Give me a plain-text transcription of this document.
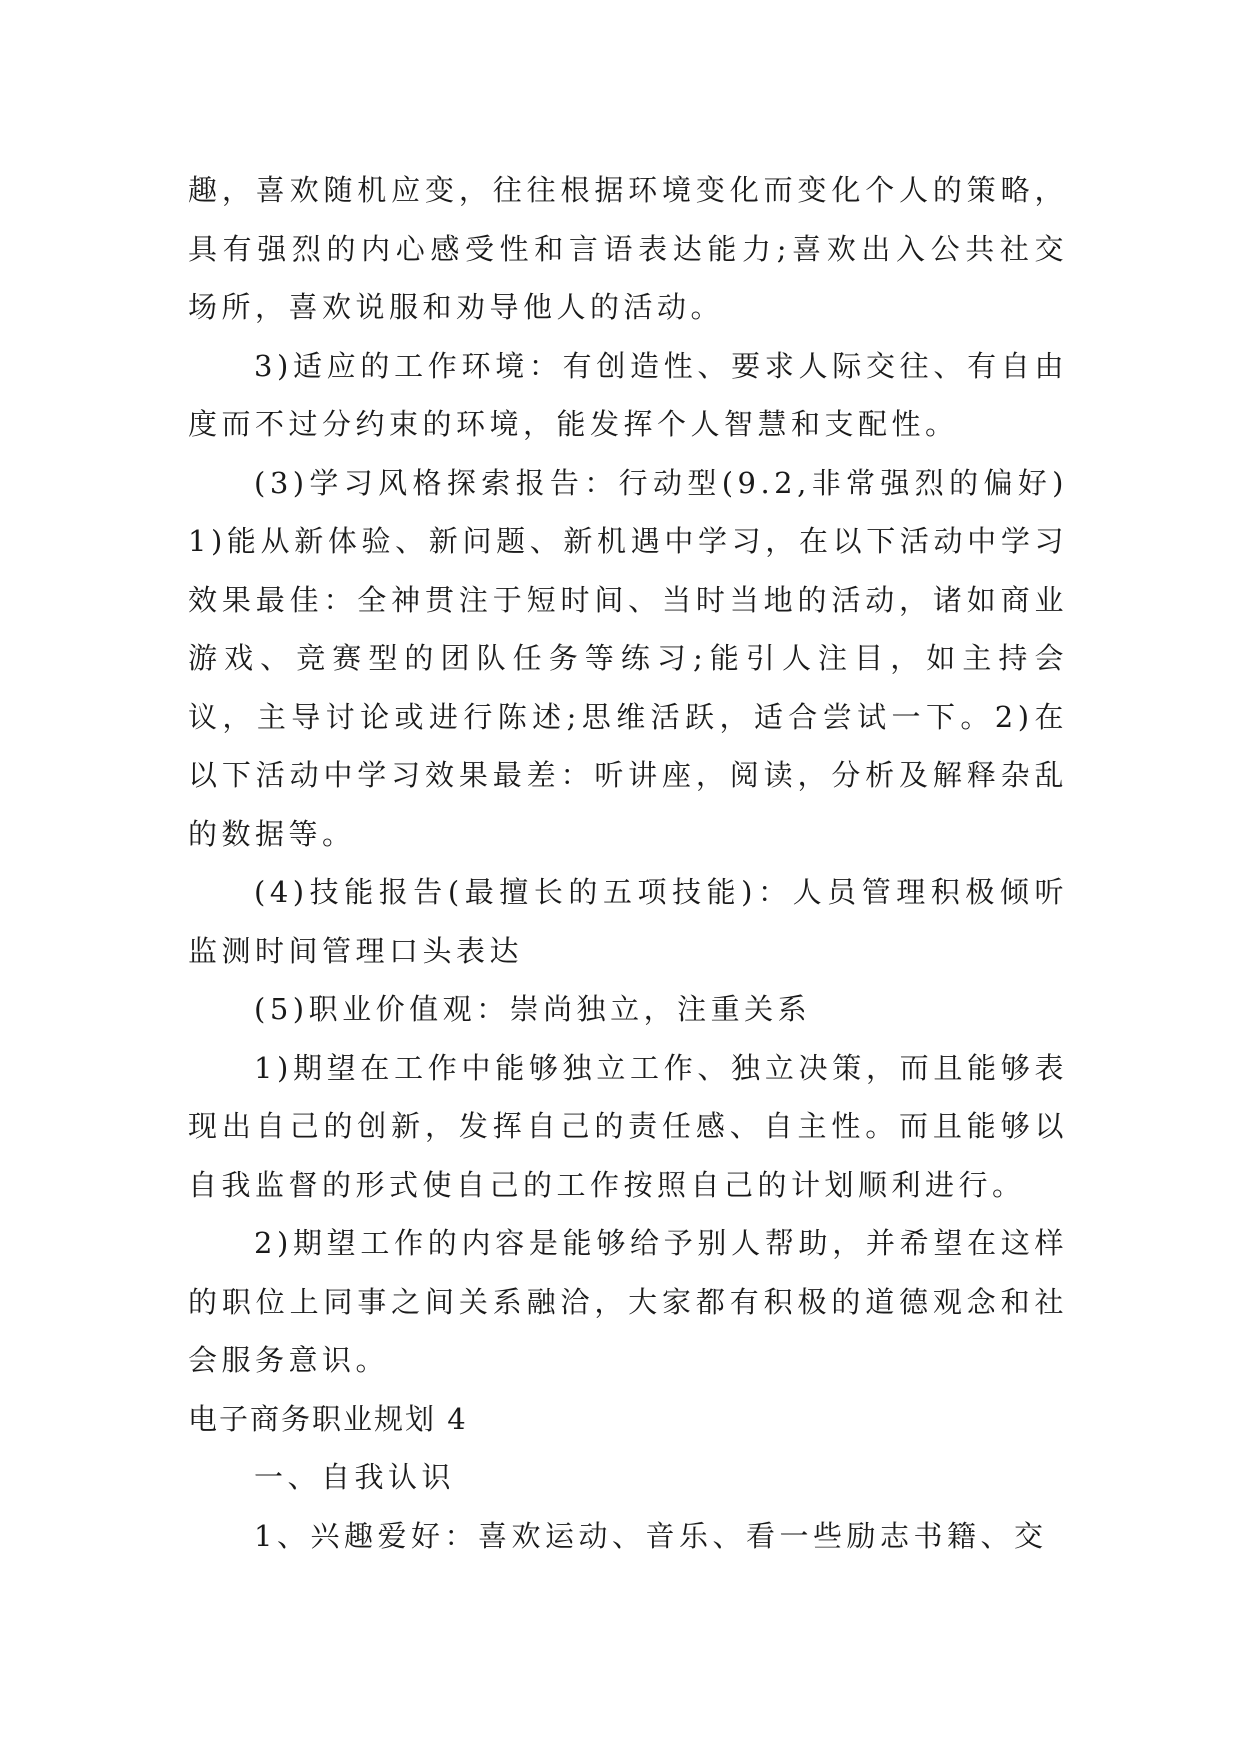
趣，喜欢随机应变，往往根据环境变化而变化个人的策略，具有强烈的内心感受性和言语表达能力;喜欢出入公共社交场所，喜欢说服和劝导他人的活动。

3)适应的工作环境：有创造性、要求人际交往、有自由度而不过分约束的环境，能发挥个人智慧和支配性。

(3)学习风格探索报告：行动型(9.2,非常强烈的偏好) 1)能从新体验、新问题、新机遇中学习，在以下活动中学习效果最佳：全神贯注于短时间、当时当地的活动，诸如商业游戏、竞赛型的团队任务等练习;能引人注目，如主持会议，主导讨论或进行陈述;思维活跃，适合尝试一下。2)在以下活动中学习效果最差：听讲座，阅读，分析及解释杂乱的数据等。

(4)技能报告(最擅长的五项技能)：人员管理积极倾听监测时间管理口头表达

(5)职业价值观：崇尚独立，注重关系

1)期望在工作中能够独立工作、独立决策，而且能够表现出自己的创新，发挥自己的责任感、自主性。而且能够以自我监督的形式使自己的工作按照自己的计划顺利进行。

2)期望工作的内容是能够给予别人帮助，并希望在这样的职位上同事之间关系融洽，大家都有积极的道德观念和社会服务意识。

电子商务职业规划 4

一、自我认识

1、兴趣爱好：喜欢运动、音乐、看一些励志书籍、交
